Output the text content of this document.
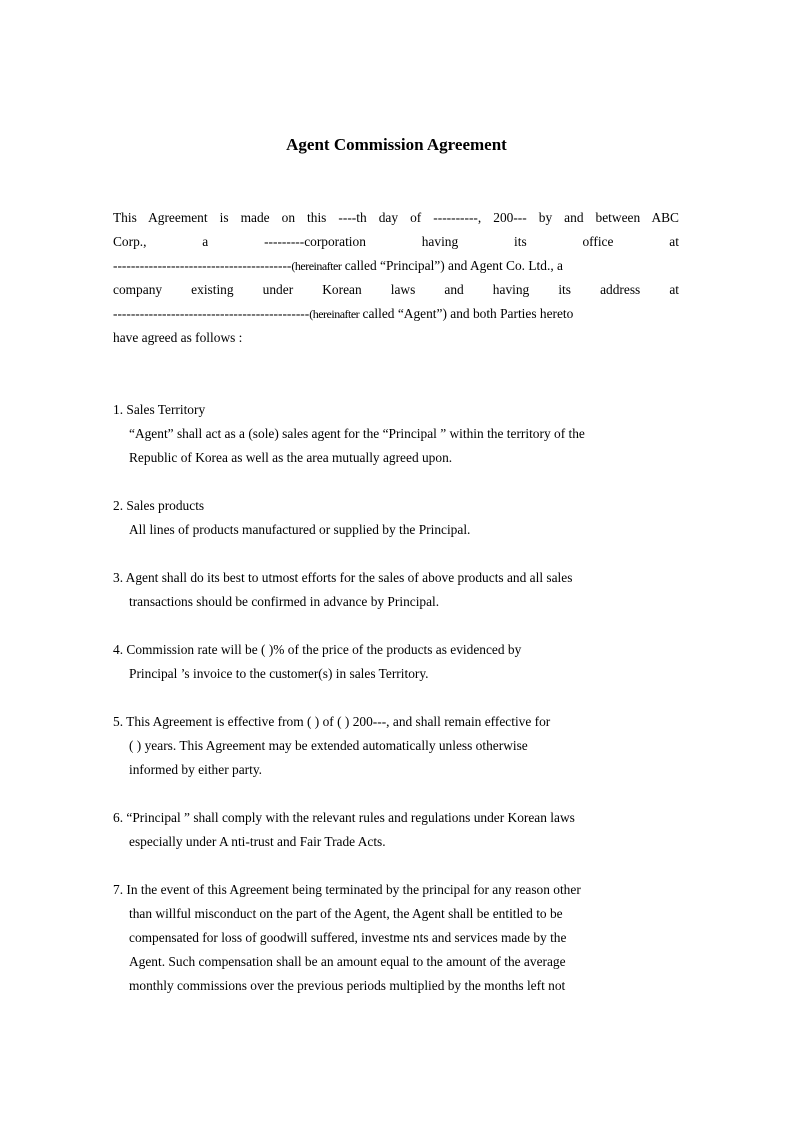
Agent Commission Agreement
This Agreement is made on this ----th day of ----------, 200--- by and between ABC
Corp.,	a	---------corporation	having	its	office	at
----------------------------------------(hereinafter called “Principal”) and Agent Co. Ltd., a
company existing under Korean laws and having its address at
--------------------------------------------(hereinafter called “Agent”) and both Parties hereto
have agreed as follows :
1. Sales Territory
“Agent” shall act as a (sole) sales agent for the “Principal ” within the territory of the
Republic of Korea as well as the area mutually agreed upon.
2. Sales products
All lines of products manufactured or supplied by the Principal.
3. Agent shall do its best to utmost efforts for the sales of above products and all sales
transactions should be confirmed in advance by Principal.
4. Commission rate will be ( )% of the price of the products as evidenced by
Principal ’s invoice to the customer(s) in sales Territory.
5. This Agreement is effective from ( ) of ( ) 200---, and shall remain effective for
( ) years. This Agreement may be extended automatically unless otherwise
informed by either party.
6. “Principal ” shall comply with the relevant rules and regulations under Korean laws
especially under A nti-trust and Fair Trade Acts.
7. In the event of this Agreement being terminated by the principal for any reason other
than willful misconduct on the part of the Agent, the Agent shall be entitled to be
compensated for loss of goodwill suffered, investme nts and services made by the
Agent. Such compensation shall be an amount equal to the amount of the average
monthly commissions over the previous periods multiplied by the months left not
